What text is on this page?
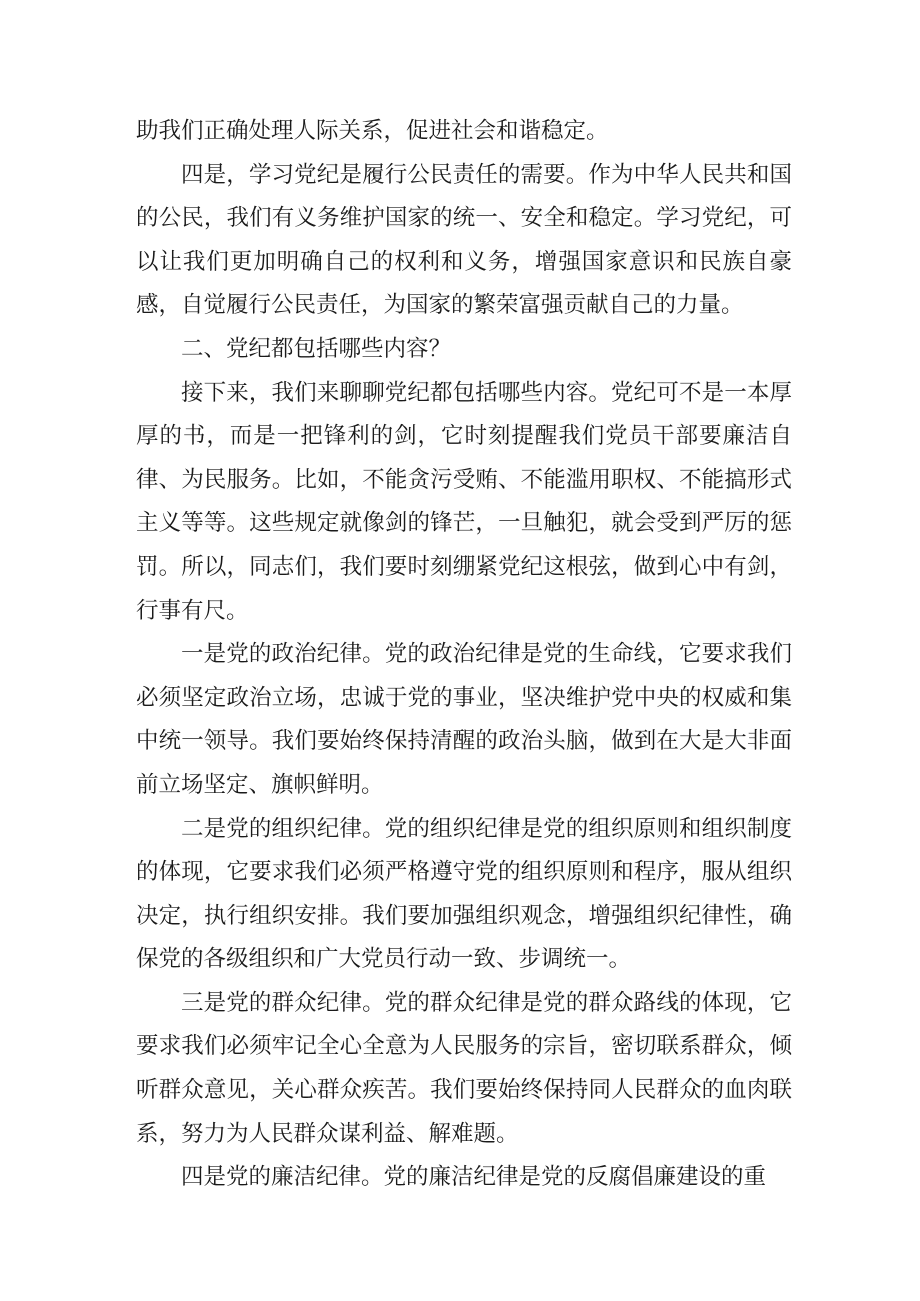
助我们正确处理人际关系，促进社会和谐稳定。

四是，学习党纪是履行公民责任的需要。作为中华人民共和国的公民，我们有义务维护国家的统一、安全和稳定。学习党纪，可以让我们更加明确自己的权利和义务，增强国家意识和民族自豪感，自觉履行公民责任，为国家的繁荣富强贡献自己的力量。

二、党纪都包括哪些内容？

接下来，我们来聊聊党纪都包括哪些内容。党纪可不是一本厚厚的书，而是一把锋利的剑，它时刻提醒我们党员干部要廉洁自律、为民服务。比如，不能贪污受贿、不能滥用职权、不能搞形式主义等等。这些规定就像剑的锋芒，一旦触犯，就会受到严厉的惩罚。所以，同志们，我们要时刻绷紧党纪这根弦，做到心中有剑，行事有尺。

一是党的政治纪律。党的政治纪律是党的生命线，它要求我们必须坚定政治立场，忠诚于党的事业，坚决维护党中央的权威和集中统一领导。我们要始终保持清醒的政治头脑，做到在大是大非面前立场坚定、旗帜鲜明。

二是党的组织纪律。党的组织纪律是党的组织原则和组织制度的体现，它要求我们必须严格遵守党的组织原则和程序，服从组织决定，执行组织安排。我们要加强组织观念，增强组织纪律性，确保党的各级组织和广大党员行动一致、步调统一。

三是党的群众纪律。党的群众纪律是党的群众路线的体现，它要求我们必须牢记全心全意为人民服务的宗旨，密切联系群众，倾听群众意见，关心群众疾苦。我们要始终保持同人民群众的血肉联系，努力为人民群众谋利益、解难题。

四是党的廉洁纪律。党的廉洁纪律是党的反腐倡廉建设的重
